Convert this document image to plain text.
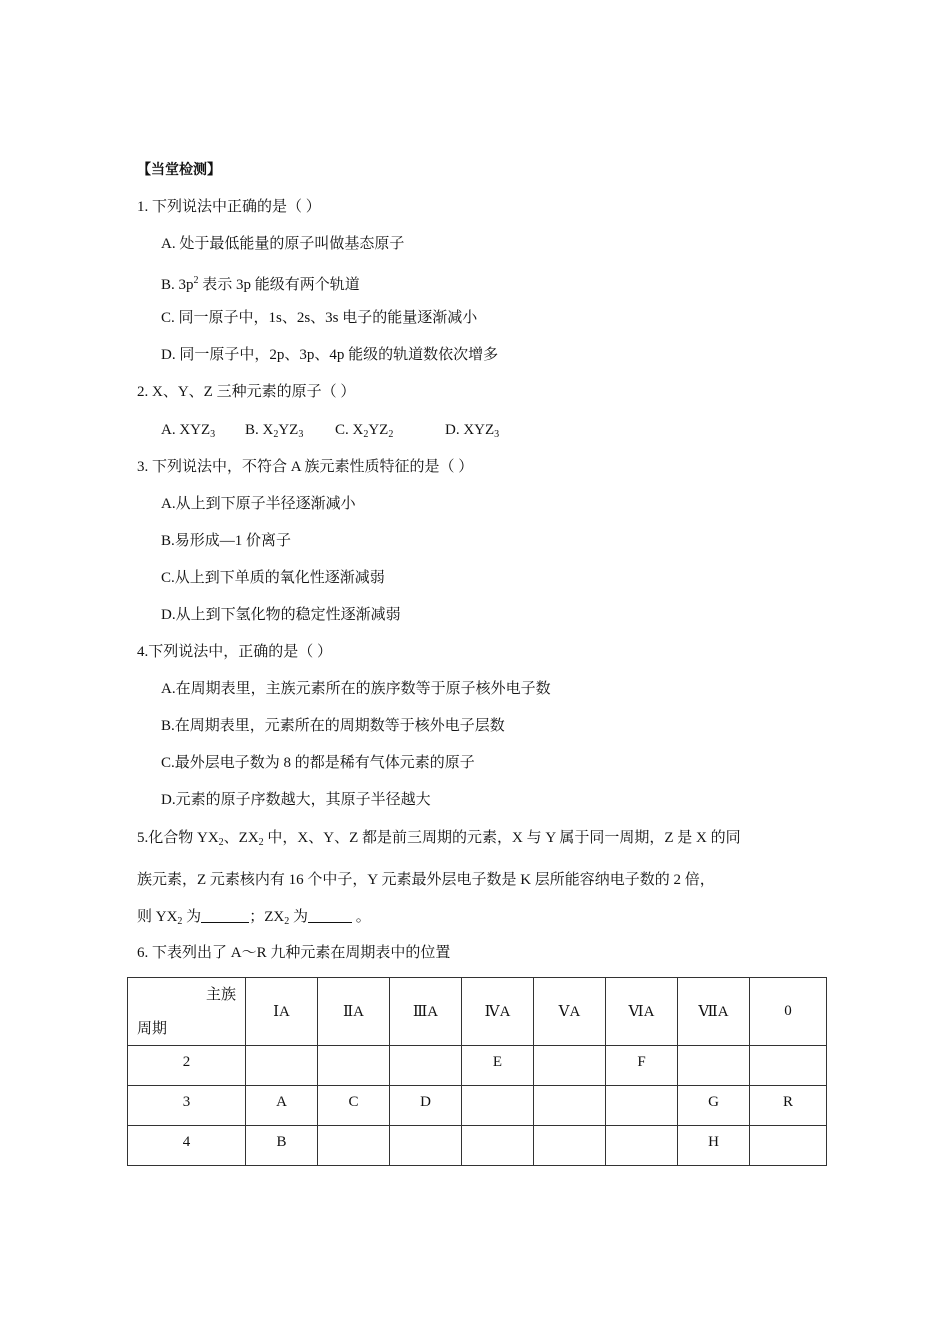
【当堂检测】
1. 下列说法中正确的是（ ）
A. 处于最低能量的原子叫做基态原子
B. $3p^2$ 表示 3p 能级有两个轨道
C. 同一原子中，1s、2s、3s 电子的能量逐渐减小
D. 同一原子中，2p、3p、4p 能级的轨道数依次增多
2. X、Y、Z 三种元素的原子（ ）
A. $XYZ_3$ B. $X_2YZ_3$ C. $X_2YZ_2$	D. $XYZ_3$
3. 下列说法中，不符合 A 族元素性质特征的是（ ）
A.从上到下原子半径逐渐减小
B.易形成—1 价离子
C.从上到下单质的氧化性逐渐减弱
D.从上到下氢化物的稳定性逐渐减弱
4.下列说法中，正确的是（ ）
A.在周期表里，主族元素所在的族序数等于原子核外电子数
B.在周期表里，元素所在的周期数等于核外电子层数
C.最外层电子数为 8 的都是稀有气体元素的原子
D.元素的原子序数越大，其原子半径越大
5.化合物 $YX_2$、$ZX_2$ 中，X、Y、Z 都是前三周期的元素，X 与 Y 属于同一周期，Z 是 X 的同
族元素，Z 元素核内有 16 个中子，Y 元素最外层电子数是 K 层所能容纳电子数的 2 倍，
则 $YX_2$ 为	；$ZX_2$ 为	。
6. 下表列出了 A～R 九种元素在周期表中的位置
主族
周期	ⅠA	ⅡA	ⅢA	ⅣA	ⅤA	ⅥA	ⅦA	0
2				E		F		
3	A	C	D				G	R
4	B						H	
